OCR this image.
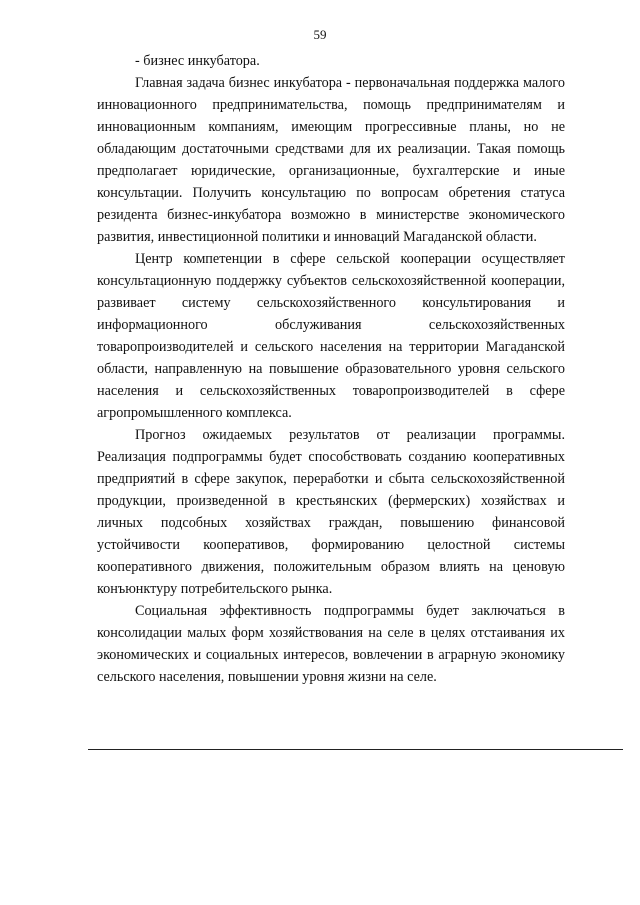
59

- бизнес инкубатора.

Главная задача бизнес инкубатора - первоначальная поддержка малого инновационного предпринимательства, помощь предпринимателям и инновационным компаниям, имеющим прогрессивные планы, но не обладающим достаточными средствами для их реализации. Такая помощь предполагает юридические, организационные, бухгалтерские и иные консультации. Получить консультацию по вопросам обретения статуса резидента бизнес-инкубатора возможно в министерстве экономического развития, инвестиционной политики и инноваций Магаданской области.

Центр компетенции в сфере сельской кооперации осуществляет консультационную поддержку субъектов сельскохозяйственной кооперации, развивает систему сельскохозяйственного консультирования и информационного обслуживания сельскохозяйственных товаропроизводителей и сельского населения на территории Магаданской области, направленную на повышение образовательного уровня сельского населения и сельскохозяйственных товаропроизводителей в сфере агропромышленного комплекса.

Прогноз ожидаемых результатов от реализации программы. Реализация подпрограммы будет способствовать созданию кооперативных предприятий в сфере закупок, переработки и сбыта сельскохозяйственной продукции, произведенной в крестьянских (фермерских) хозяйствах и личных подсобных хозяйствах граждан, повышению финансовой устойчивости кооперативов, формированию целостной системы кооперативного движения, положительным образом влиять на ценовую конъюнктуру потребительского рынка.

Социальная эффективность подпрограммы будет заключаться в консолидации малых форм хозяйствования на селе в целях отстаивания их экономических и социальных интересов, вовлечении в аграрную экономику сельского населения, повышении уровня жизни на селе.
